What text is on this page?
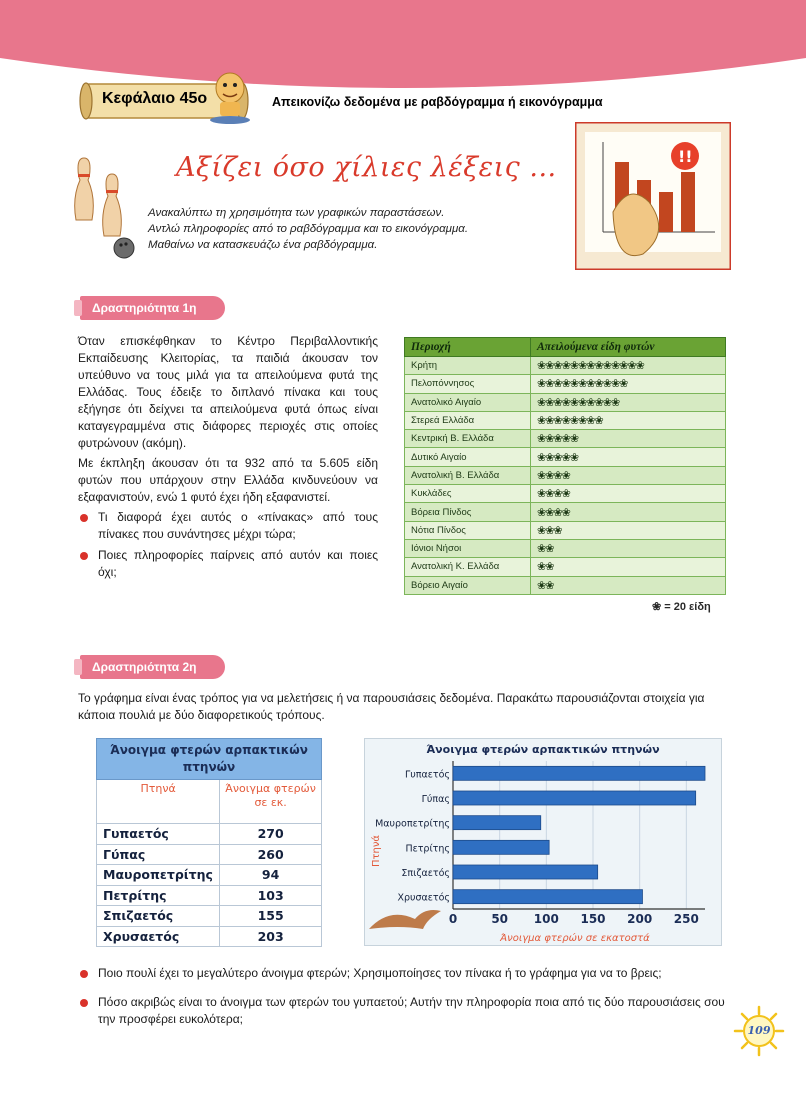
Κεφάλαιο 45ο	Απεικονίζω δεδομένα με ραβδόγραμμα ή εικονόγραμμα
Αξίζει όσο χίλιες λέξεις ...
Ανακαλύπτω τη χρησιμότητα των γραφικών παραστάσεων.
Αντλώ πληροφορίες από το ραβδόγραμμα και το εικονόγραμμα.
Μαθαίνω να κατασκευάζω ένα ραβδόγραμμα.
!!
Δραστηριότητα 1η

Όταν επισκέφθηκαν το Κέντρο Περιβαλλοντικής Εκπαίδευσης Κλειτορίας, τα παιδιά άκουσαν τον υπεύθυνο να τους μιλά για τα απειλούμενα φυτά της Ελλάδας. Τους έδειξε το διπλανό πίνακα και τους εξήγησε ότι δείχνει τα απειλούμενα φυτά όπως είναι καταγεγραμμένα στις διάφορες περιοχές στις οποίες φυτρώνουν (ακόμη).

Με έκπληξη άκουσαν ότι τα 932 από τα 5.605 είδη φυτών που υπάρχουν στην Ελλάδα κινδυνεύουν να εξαφανιστούν, ενώ 1 φυτό έχει ήδη εξαφανιστεί.

Τι διαφορά έχει αυτός ο «πίνακας» από τους πίνακες που συνάντησες μέχρι τώρα;
Ποιες πληροφορίες παίρνεις από αυτόν και ποιες όχι;
Περιοχή	Απειλούμενα είδη φυτών
Κρήτη	❀❀❀❀❀❀❀❀❀❀❀❀❀
Πελοπόννησος	❀❀❀❀❀❀❀❀❀❀❀
Ανατολικό Αιγαίο	❀❀❀❀❀❀❀❀❀❀
Στερεά Ελλάδα	❀❀❀❀❀❀❀❀
Κεντρική Β. Ελλάδα	❀❀❀❀❀
Δυτικό Αιγαίο	❀❀❀❀❀
Ανατολική Β. Ελλάδα	❀❀❀❀
Κυκλάδες	❀❀❀❀
Βόρεια Πίνδος	❀❀❀❀
Νότια Πίνδος	❀❀❀
Ιόνιοι Νήσοι	❀❀
Ανατολική Κ. Ελλάδα	❀❀
Βόρειο Αιγαίο	❀❀
❀ = 20 είδη
Δραστηριότητα 2η
Το γράφημα είναι ένας τρόπος για να μελετήσεις ή να παρουσιάσεις δεδομένα. Παρακάτω παρουσιάζονται στοιχεία για κάποια πουλιά με δύο διαφορετικούς τρόπους.
Άνοιγμα φτερών αρπακτικών πτηνών	
Πτηνά	Άνοιγμα φτερών σε εκ.
Γυπαετός	270
Γύπας	260
Μαυροπετρίτης	94
Πετρίτης	103
Σπιζαετός	155
Χρυσαετός	203
Άνοιγμα φτερών αρπακτικών πτηνών
0	50 100 150 200 250
Γυπαετός
Γύπας
Μαυροπετρίτης
Πετρίτης
Σπιζαετός
Χρυσαετός
Άνοιγμα φτερών σε εκατοστά
Πτηνά
Ποιο πουλί έχει το μεγαλύτερο άνοιγμα φτερών; Χρησιμοποίησες τον πίνακα ή το γράφημα για να το βρεις;
Πόσο ακριβώς είναι το άνοιγμα των φτερών του γυπαετού; Αυτήν την πληροφορία ποια από τις δύο παρουσιάσεις σου την προσφέρει ευκολότερα;
109
